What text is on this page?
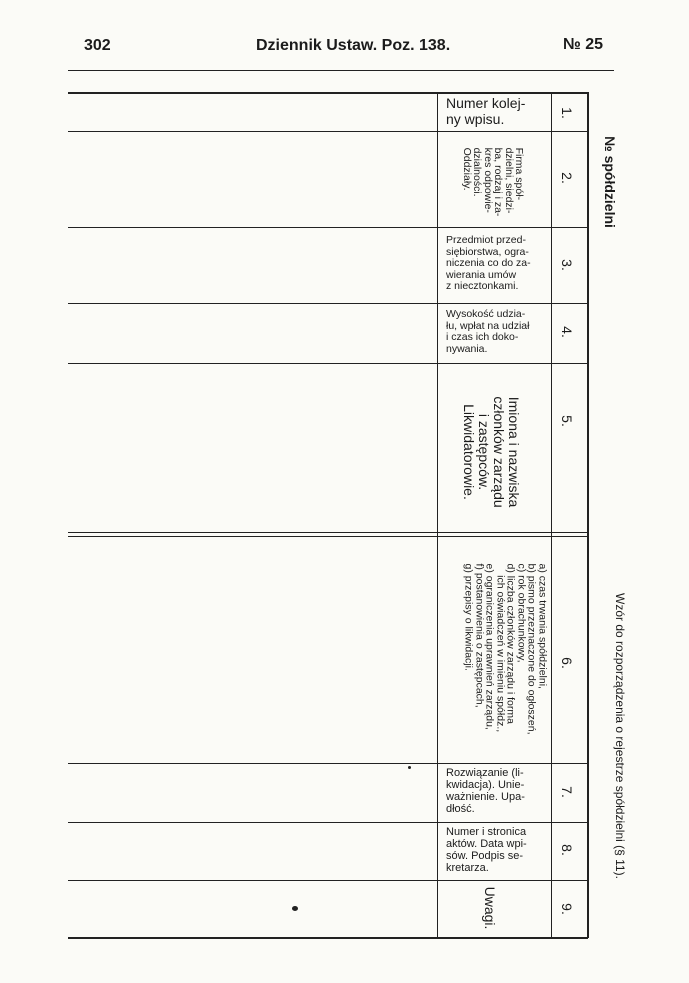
302	Dziennik Ustaw. Poz. 138.	№ 25
Numer kolej-
ny wpisu.	1.
Firma spół-
dzielni, siedzi-
ba, rodzaj i za-
kres odpowie-
dzialności.
Oddziały.	2.
Przedmiot przed-
siębiorstwa, ogra-
niczenia co do za-
wierania umów
z niecztonkami.
3.
Wysokość udzia-
łu, wpłat na udział
i czas ich doko-
nywania.
4.
Imiona i nazwiska
członków zarządu
i zastępców.
Likwidatorowie.	5.
a) czas trwania spółdzielni,
b) pismo przeznaczone do ogłoszeń,
c) rok obrachunkowy,
d) liczba członków zarządu i forma
ich oświadczeń w imieniu spółdz.,
e) ograniczenia uprawnień zarządu,
f) postanowienia o zastępcach,
g) przepisy o likwidacji.	6.
Rozwiązanie (li-
kwidacja). Unie-
ważnienie. Upa-
dłość.
7.
Numer i stronica
aktów. Data wpi-
sów. Podpis se-
kretarza.
8.
Uwagi.	9.
№ spółdzielni
Wzór do rozporządzenia o rejestrze spółdzielni (§ 11).
